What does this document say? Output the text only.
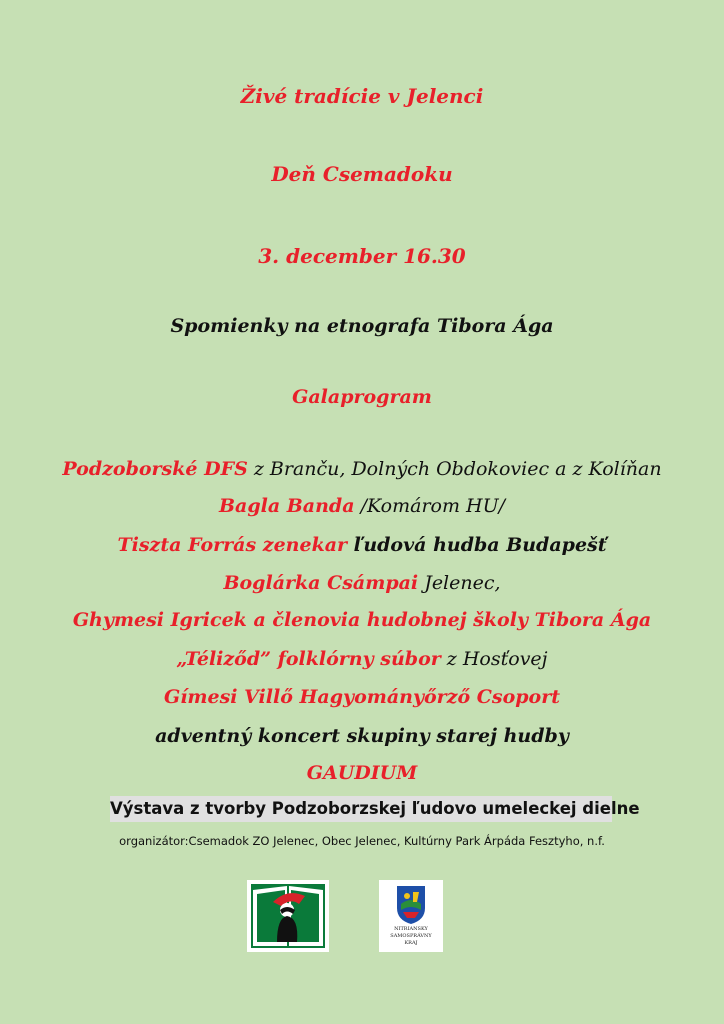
Živé tradície v Jelenci
Deň Csemadoku
3. december 16.30
Spomienky na etnografa Tibora Ága
Galaprogram
Podzoborské DFS z Branču, Dolných Obdokoviec a z Kolíňan
Bagla Banda /Komárom HU/
Tiszta Forrás zenekar ľudová hudba Budapešť
Boglárka Csámpai Jelenec,
Ghymesi Igricek a členovia hudobnej školy Tibora Ága
„Téliződ” folklórny súbor z Hosťovej
Gímesi Villő Hagyományőrző Csoport
adventný koncert skupiny starej hudby
GAUDIUM
Výstava z tvorby Podzoborzskej ľudovo umeleckej dielne
organizátor:Csemadok ZO Jelenec, Obec Jelenec, Kultúrny Park Árpáda Fesztyho, n.f.
NITRIANSKY
SAMOSPRÁVNY
KRAJ
